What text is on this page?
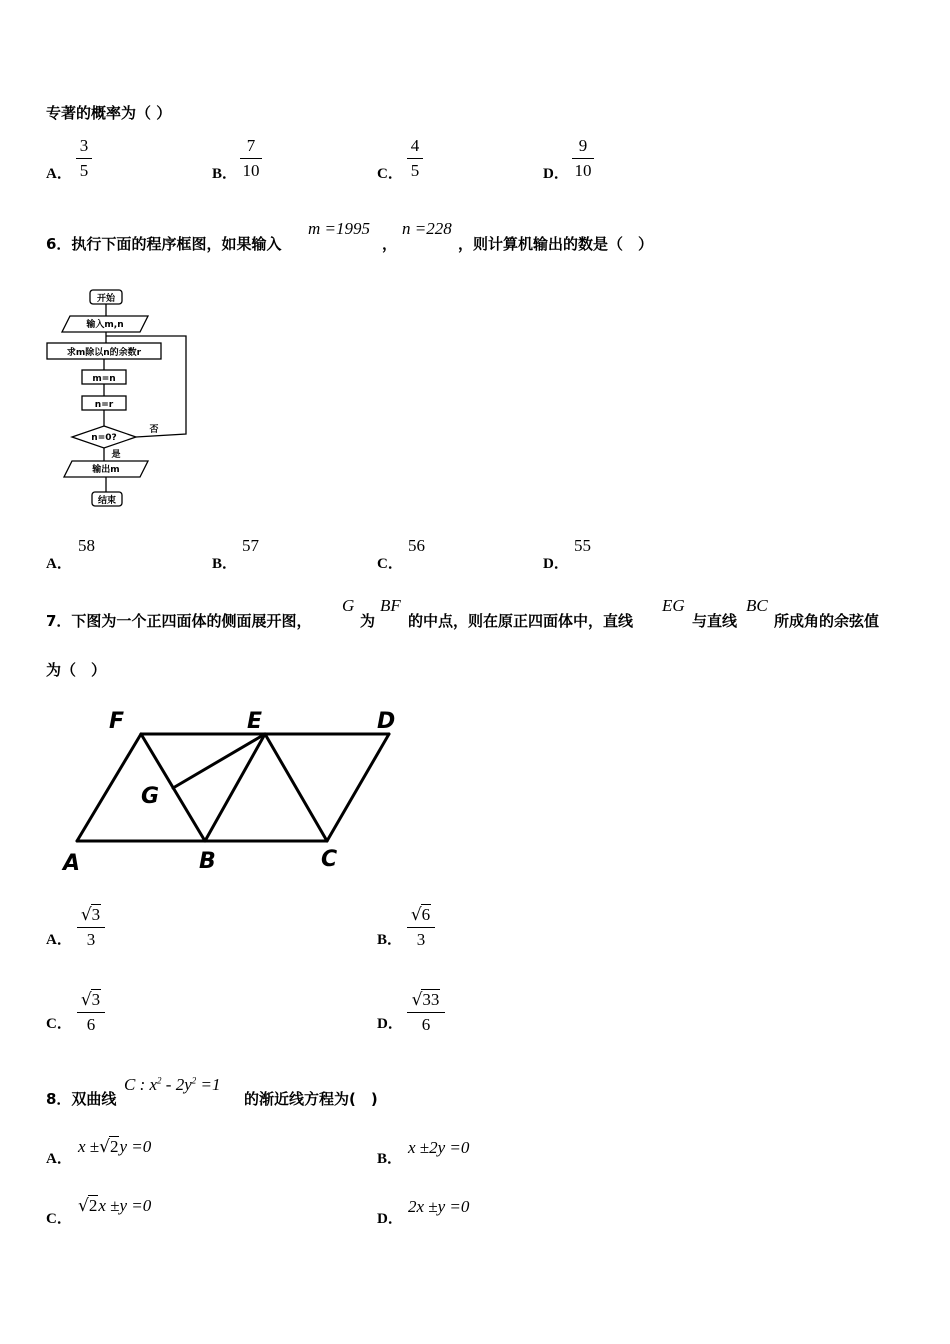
专著的概率为（ ）
A．
3
5	B．
7
10	C．
4
5	D．
9
10
6．执行下面的程序框图，如果输入
m =1995
，
n =228
，则计算机输出的数是（　）
开始
输入m,n
求m除以n的余数r
m=n
n=r
n=0?
否
是
输出m
结束
A．
58
B．
57
C．
56
D．
55
7．下图为一个正四面体的侧面展开图，
G
为
BF
的中点，则在原正四面体中，直线
EG
与直线
BC
所成角的余弦值
为（　）
F	E	D
G
A	B	C
A．
√3
3	B．
√6
3
C．
√3
6	D．
√33
6
8．双曲线
C : $x^2 - 2y^2 =1$
的渐近线方程为(　)
A．
x ±√2y =0
B．
x ±2y =0
C．
√2x ±y =0
D．
2x ±y =0
